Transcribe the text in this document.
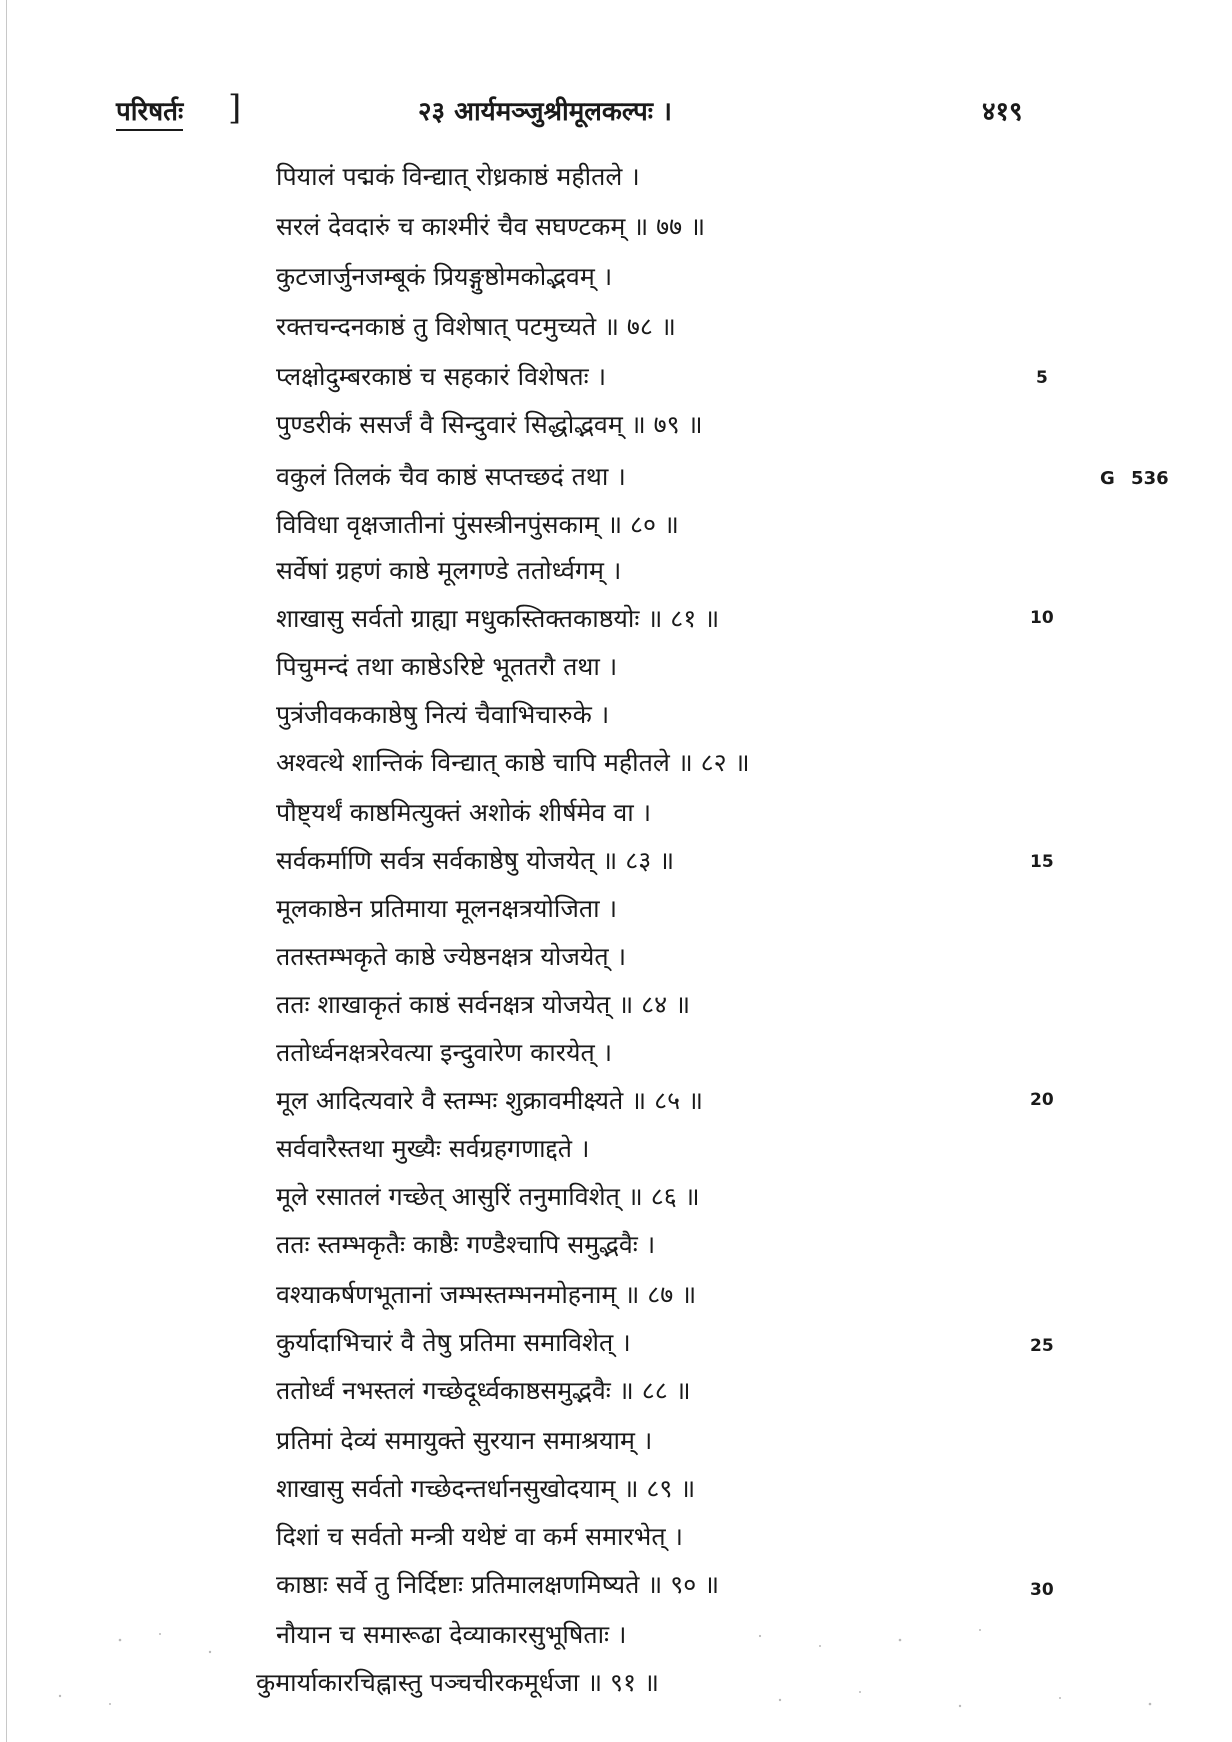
परिषर्तः ]	२३ आर्यमञ्जुश्रीमूलकल्पः ।	४१९
पियालं पद्मकं विन्द्यात् रोध्रकाष्ठं महीतले ।
सरलं देवदारुं च काश्मीरं चैव सघण्टकम् ॥ ७७ ॥
कुटजार्जुनजम्बूकं प्रियङ्गुष्ठोमकोद्भवम् ।
रक्तचन्दनकाष्ठं तु विशेषात् पटमुच्यते ॥ ७८ ॥
प्लक्षोदुम्बरकाष्ठं च सहकारं विशेषतः ।
पुण्डरीकं ससर्जं वै सिन्दुवारं सिद्धोद्भवम् ॥ ७९ ॥
वकुलं तिलकं चैव काष्ठं सप्तच्छदं तथा ।
विविधा वृक्षजातीनां पुंसस्त्रीनपुंसकाम् ॥ ८० ॥
सर्वेषां ग्रहणं काष्ठे मूलगण्डे ततोर्ध्वगम् ।
शाखासु सर्वतो ग्राह्या मधुकस्तिक्तकाष्ठयोः ॥ ८१ ॥
पिचुमन्दं तथा काष्ठेऽरिष्टे भूततरौ तथा ।
पुत्रंजीवककाष्ठेषु नित्यं चैवाभिचारुके ।
अश्वत्थे शान्तिकं विन्द्यात् काष्ठे चापि महीतले ॥ ८२ ॥
पौष्ट्यर्थं काष्ठमित्युक्तं अशोकं शीर्षमेव वा ।
सर्वकर्माणि सर्वत्र सर्वकाष्ठेषु योजयेत् ॥ ८३ ॥
मूलकाष्ठेन प्रतिमाया मूलनक्षत्रयोजिता ।
ततस्तम्भकृते काष्ठे ज्येष्ठनक्षत्र योजयेत् ।
ततः शाखाकृतं काष्ठं सर्वनक्षत्र योजयेत् ॥ ८४ ॥
ततोर्ध्वनक्षत्ररेवत्या इन्दुवारेण कारयेत् ।
मूल आदित्यवारे वै स्तम्भः शुक्रावमीक्ष्यते ॥ ८५ ॥
सर्ववारैस्तथा मुख्यैः सर्वग्रहगणाद्दते ।
मूले रसातलं गच्छेत् आसुरिं तनुमाविशेत् ॥ ८६ ॥
ततः स्तम्भकृतैः काष्ठैः गण्डैश्चापि समुद्भवैः ।
वश्याकर्षणभूतानां जम्भस्तम्भनमोहनाम् ॥ ८७ ॥
कुर्यादाभिचारं वै तेषु प्रतिमा समाविशेत् ।
ततोर्ध्वं नभस्तलं गच्छेदूर्ध्वकाष्ठसमुद्भवैः ॥ ८८ ॥
प्रतिमां देव्यं समायुक्ते सुरयान समाश्रयाम् ।
शाखासु सर्वतो गच्छेदन्तर्धानसुखोदयाम् ॥ ८९ ॥
दिशां च सर्वतो मन्त्री यथेष्टं वा कर्म समारभेत् ।
काष्ठाः सर्वे तु निर्दिष्टाः प्रतिमालक्षणमिष्यते ॥ ९० ॥
नौयान च समारूढा देव्याकारसुभूषिताः ।
कुमार्याकारचिह्नास्तु पञ्चचीरकमूर्धजा ॥ ९१ ॥
5
10
15
20
25
30
G 536
